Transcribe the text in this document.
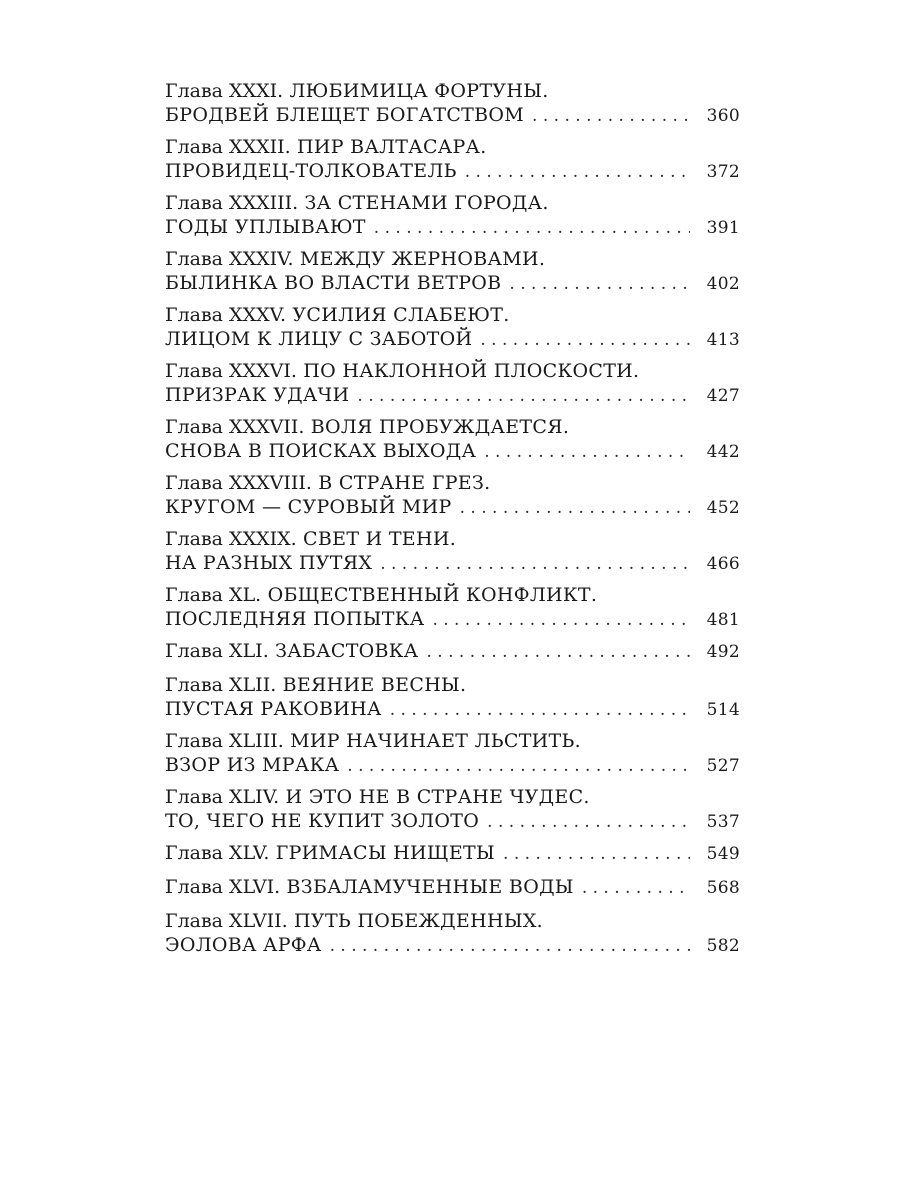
Глава XXXI. ЛЮБИМИЦА ФОРТУНЫ.
БРОДВЕЙ БЛЕЩЕТ БОГАТСТВОМ . . .	360
Глава XXXII. ПИР ВАЛТАСАРА.
ПРОВИДЕЦ-ТОЛКОВАТЕЛЬ . . .	372
Глава XXXIII. ЗА СТЕНАМИ ГОРОДА.
ГОДЫ УПЛЫВАЮТ . . .	391
Глава XXXIV. МЕЖДУ ЖЕРНОВАМИ.
БЫЛИНКА ВО ВЛАСТИ ВЕТРОВ . . .	402
Глава XXXV. УСИЛИЯ СЛАБЕЮТ.
ЛИЦОМ К ЛИЦУ С ЗАБОТОЙ . . .	413
Глава XXXVI. ПО НАКЛОННОЙ ПЛОСКОСТИ.
ПРИЗРАК УДАЧИ . . .	427
Глава XXXVII. ВОЛЯ ПРОБУЖДАЕТСЯ.
СНОВА В ПОИСКАХ ВЫХОДА . . .	442
Глава XXXVIII. В СТРАНЕ ГРЕЗ.
КРУГОМ — СУРОВЫЙ МИР . . .	452
Глава XXXIX. СВЕТ И ТЕНИ.
НА РАЗНЫХ ПУТЯХ . . .	466
Глава XL. ОБЩЕСТВЕННЫЙ КОНФЛИКТ.
ПОСЛЕДНЯЯ ПОПЫТКА . . .	481
Глава XLI. ЗАБАСТОВКА . . .	492
Глава XLII. ВЕЯНИЕ ВЕСНЫ.
ПУСТАЯ РАКОВИНА . . .	514
Глава XLIII. МИР НАЧИНАЕТ ЛЬСТИТЬ.
ВЗОР ИЗ МРАКА . . .	527
Глава XLIV. И ЭТО НЕ В СТРАНЕ ЧУДЕС.
ТО, ЧЕГО НЕ КУПИТ ЗОЛОТО . . .	537
Глава XLV. ГРИМАСЫ НИЩЕТЫ . . .	549
Глава XLVI. ВЗБАЛАМУЧЕННЫЕ ВОДЫ . . .	568
Глава XLVII. ПУТЬ ПОБЕЖДЕННЫХ.
ЭОЛОВА АРФА . . .	582
